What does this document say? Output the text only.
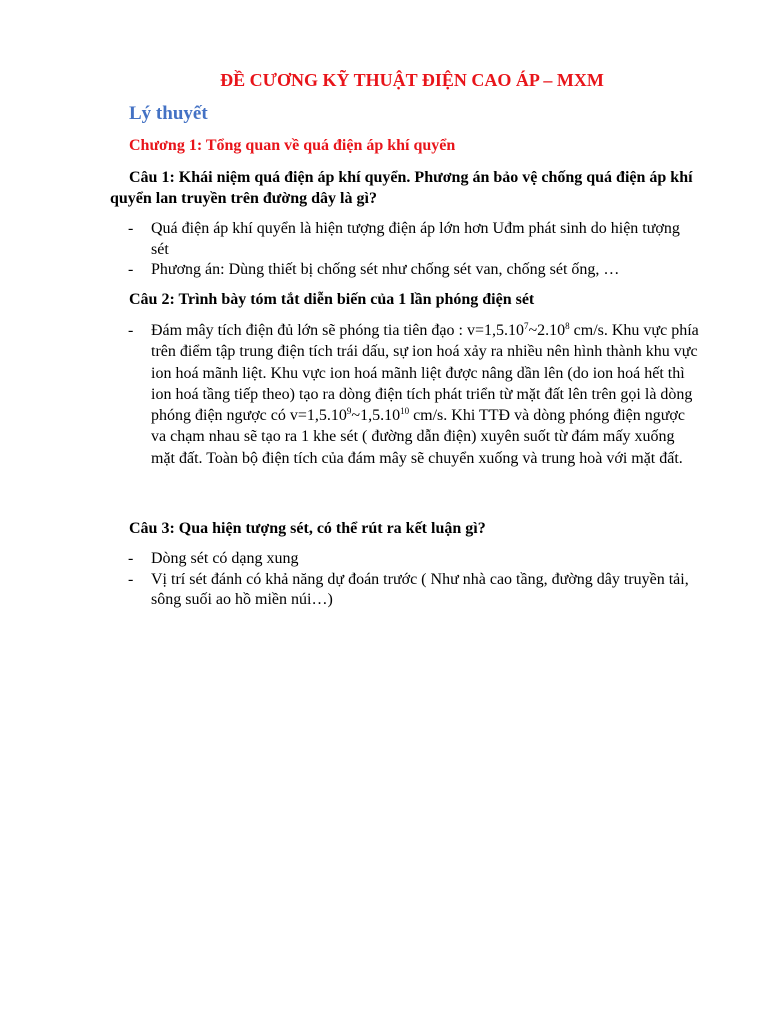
ĐỀ CƯƠNG KỸ THUẬT ĐIỆN CAO ÁP – MXM
Lý thuyết
Chương 1: Tổng quan về quá điện áp khí quyển

Câu 1: Khái niệm quá điện áp khí quyển. Phương án bảo vệ chống quá điện áp khí quyển lan truyền trên đường dây là gì?

- Quá điện áp khí quyển là hiện tượng điện áp lớn hơn Uđm phát sinh do hiện tượng sét
- Phương án: Dùng thiết bị chống sét như chống sét van, chống sét ống, …

Câu 2: Trình bày tóm tắt diễn biến của 1 lần phóng điện sét

- Đám mây tích điện đủ lớn sẽ phóng tia tiên đạo : $v=1,5.10^7\sim 2.10^8$ cm/s. Khu vực phía trên điểm tập trung điện tích trái dấu, sự ion hoá xảy ra nhiều nên hình thành khu vực ion hoá mãnh liệt. Khu vực ion hoá mãnh liệt được nâng dần lên (do ion hoá hết thì ion hoá tầng tiếp theo) tạo ra dòng điện tích phát triển từ mặt đất lên trên gọi là dòng phóng điện ngược có $v=1,5.10^9\sim 1,5.10^{10}$ cm/s. Khi TTĐ và dòng phóng điện ngược va chạm nhau sẽ tạo ra 1 khe sét ( đường dẫn điện) xuyên suốt từ đám mấy xuống mặt đất. Toàn bộ điện tích của đám mây sẽ chuyển xuống và trung hoà với mặt đất.

Câu 3: Qua hiện tượng sét, có thể rút ra kết luận gì?

- Dòng sét có dạng xung
- Vị trí sét đánh có khả năng dự đoán trước ( Như nhà cao tầng, đường dây truyền tải, sông suối ao hồ miền núi…)
